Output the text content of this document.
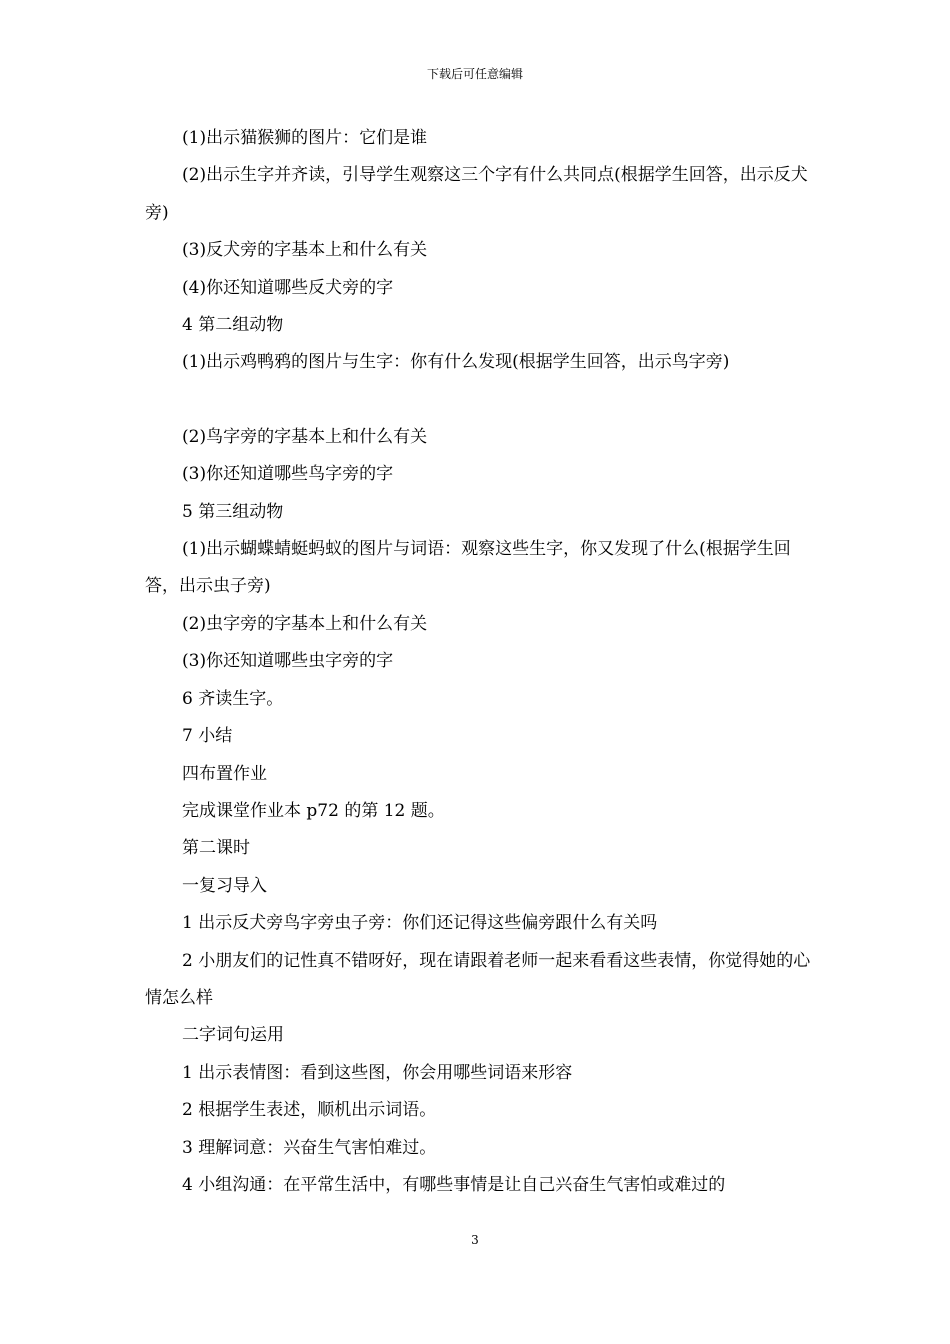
下载后可任意编辑

(1)出示猫猴狮的图片：它们是谁

(2)出示生字并齐读，引导学生观察这三个字有什么共同点(根据学生回答，出示反犬旁)

(3)反犬旁的字基本上和什么有关

(4)你还知道哪些反犬旁的字

4 第二组动物

(1)出示鸡鸭鸦的图片与生字：你有什么发现(根据学生回答，出示鸟字旁)

(2)鸟字旁的字基本上和什么有关

(3)你还知道哪些鸟字旁的字

5 第三组动物

(1)出示蝴蝶蜻蜓蚂蚁的图片与词语：观察这些生字，你又发现了什么(根据学生回答，出示虫子旁)

(2)虫字旁的字基本上和什么有关

(3)你还知道哪些虫字旁的字

6 齐读生字。

7 小结

四布置作业

完成课堂作业本 p72 的第 12 题。

第二课时

一复习导入

1 出示反犬旁鸟字旁虫子旁：你们还记得这些偏旁跟什么有关吗

2 小朋友们的记性真不错呀好，现在请跟着老师一起来看看这些表情，你觉得她的心情怎么样

二字词句运用

1 出示表情图：看到这些图，你会用哪些词语来形容

2 根据学生表述，顺机出示词语。

3 理解词意：兴奋生气害怕难过。

4 小组沟通：在平常生活中，有哪些事情是让自己兴奋生气害怕或难过的

3
